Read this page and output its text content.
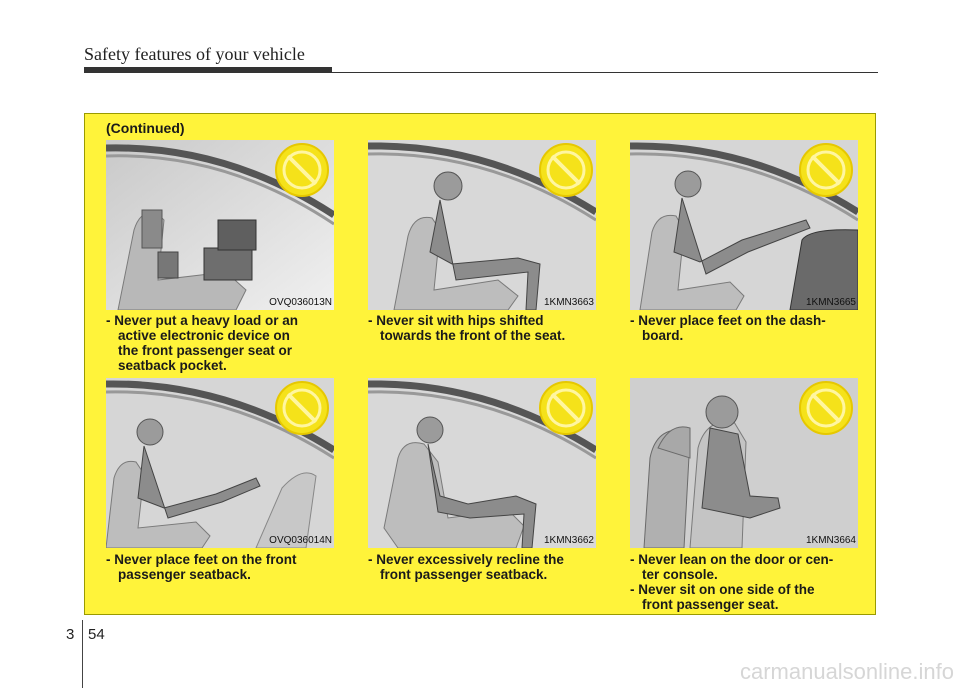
Safety features of your vehicle
(Continued)
OVQ036013N	1KMN3663	1KMN3665
OVQ036014N	1KMN3662	1KMN3664
- Never put a heavy load or an
active electronic device on
the front passenger seat or
seatback pocket.
- Never sit with hips shifted
towards the front of the seat.
- Never place feet on the dash-
board.
- Never place feet on the front
passenger seatback.
- Never excessively recline the
front passenger seatback.
- Never lean on the door or cen-
ter console.
- Never sit on one side of the
front passenger seat.
3 54
carmanualsonline.info
